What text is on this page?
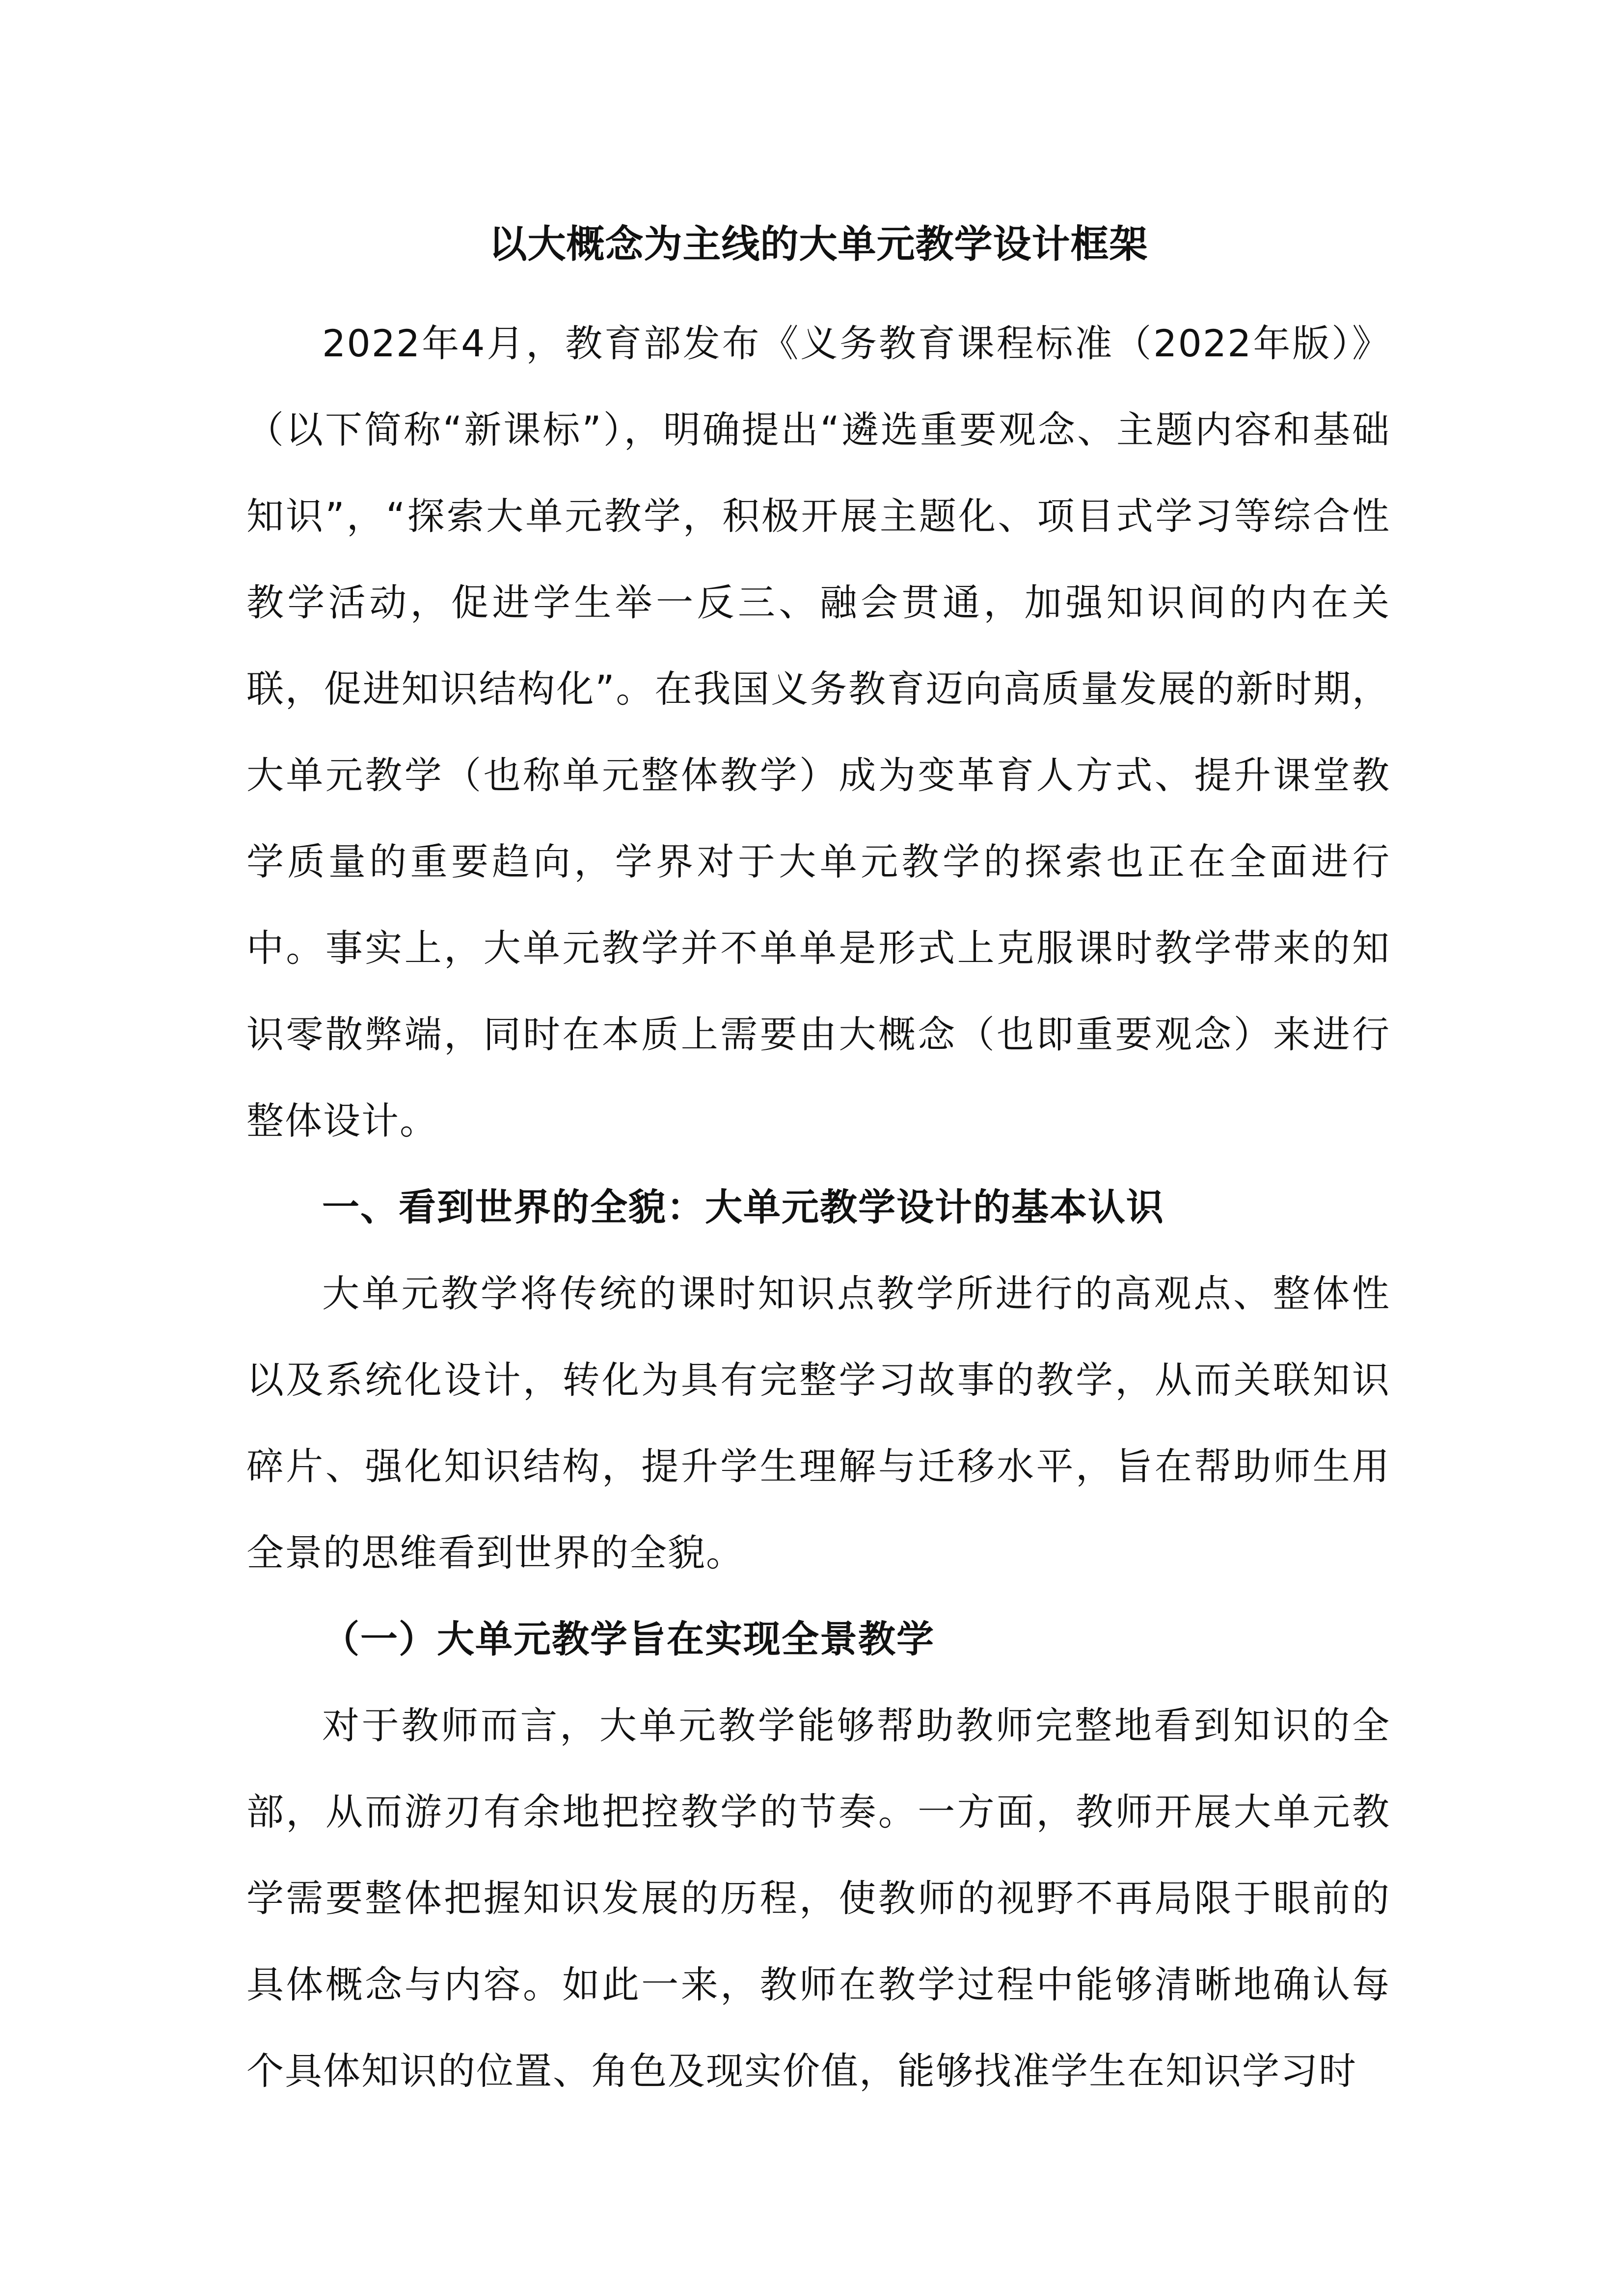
以大概念为主线的大单元教学设计框架

2022年4月，教育部发布《义务教育课程标准（2022年版）》（以下简称“新课标”），明确提出“遴选重要观念、主题内容和基础知识”，“探索大单元教学，积极开展主题化、项目式学习等综合性教学活动，促进学生举一反三、融会贯通，加强知识间的内在关联，促进知识结构化”。在我国义务教育迈向高质量发展的新时期，大单元教学（也称单元整体教学）成为变革育人方式、提升课堂教学质量的重要趋向，学界对于大单元教学的探索也正在全面进行中。事实上，大单元教学并不单单是形式上克服课时教学带来的知识零散弊端，同时在本质上需要由大概念（也即重要观念）来进行整体设计。

一、看到世界的全貌：大单元教学设计的基本认识

大单元教学将传统的课时知识点教学所进行的高观点、整体性以及系统化设计，转化为具有完整学习故事的教学，从而关联知识碎片、强化知识结构，提升学生理解与迁移水平，旨在帮助师生用全景的思维看到世界的全貌。

（一）大单元教学旨在实现全景教学

对于教师而言，大单元教学能够帮助教师完整地看到知识的全部，从而游刃有余地把控教学的节奏。一方面，教师开展大单元教学需要整体把握知识发展的历程，使教师的视野不再局限于眼前的具体概念与内容。如此一来，教师在教学过程中能够清晰地确认每个具体知识的位置、角色及现实价值，能够找准学生在知识学习时
